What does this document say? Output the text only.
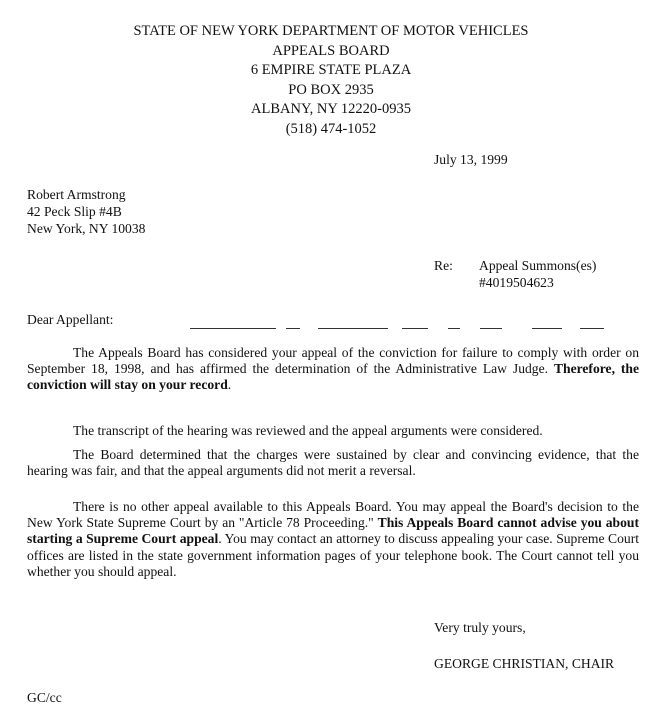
STATE OF NEW YORK DEPARTMENT OF MOTOR VEHICLES
APPEALS BOARD
6 EMPIRE STATE PLAZA
PO BOX 2935
ALBANY, NY 12220-0935
(518) 474-1052
July 13, 1999
Robert Armstrong
42 Peck Slip #4B
New York, NY 10038
Re: Appeal Summons(es)
#4019504623
Dear Appellant:
The Appeals Board has considered your appeal of the conviction for failure to comply with order on September 18, 1998, and has affirmed the determination of the Administrative Law Judge. Therefore, the conviction will stay on your record.
The transcript of the hearing was reviewed and the appeal arguments were considered.
The Board determined that the charges were sustained by clear and convincing evidence, that the hearing was fair, and that the appeal arguments did not merit a reversal.
There is no other appeal available to this Appeals Board. You may appeal the Board's decision to the New York State Supreme Court by an "Article 78 Proceeding." This Appeals Board cannot advise you about starting a Supreme Court appeal. You may contact an attorney to discuss appealing your case. Supreme Court offices are listed in the state government information pages of your telephone book. The Court cannot tell you whether you should appeal.
Very truly yours,
GEORGE CHRISTIAN, CHAIR
GC/cc
